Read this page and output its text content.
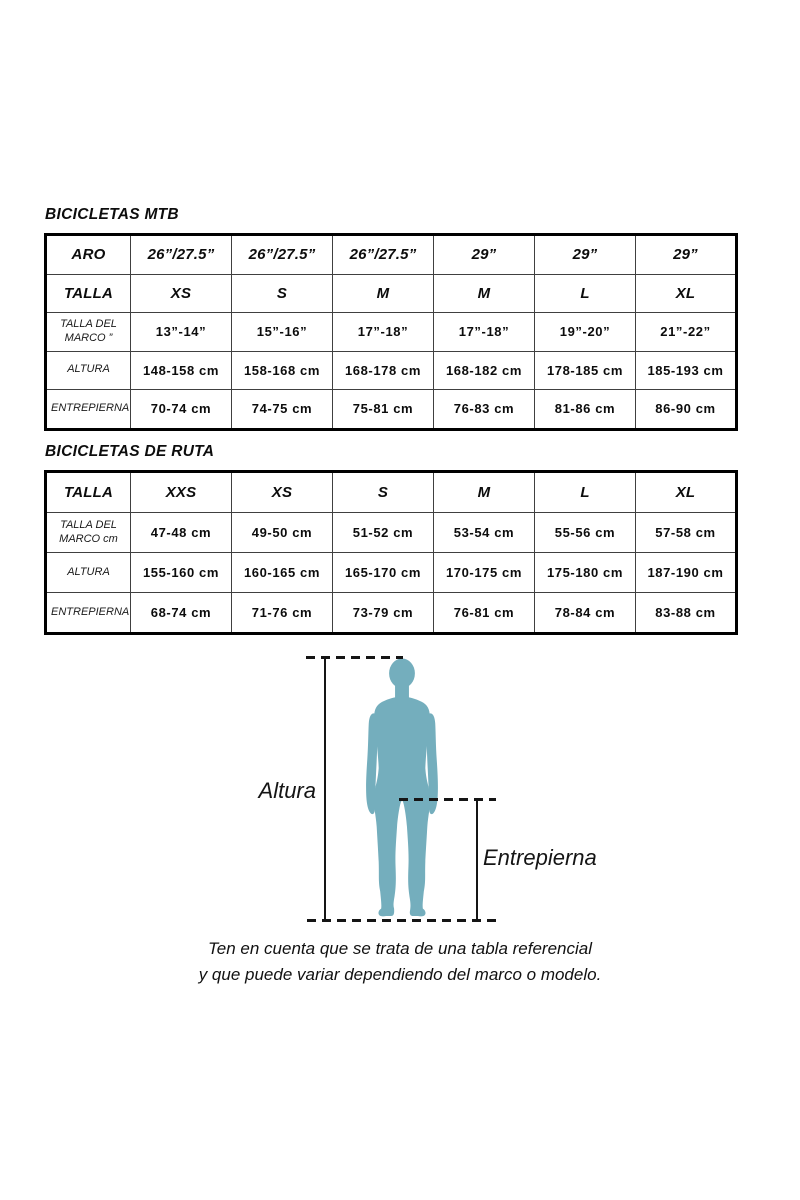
BICICLETAS MTB
ARO	26”/27.5”	26”/27.5”	26”/27.5”	29”	29”	29”
TALLA	XS	S	M	M	L	XL
TALLA DEL MARCO ”	13”-14”	15”-16”	17”-18”	17”-18”	19”-20”	21”-22”
ALTURA	148-158 cm	158-168 cm	168-178 cm	168-182 cm	178-185 cm	185-193 cm
ENTREPIERNA	70-74 cm	74-75 cm	75-81 cm	76-83 cm	81-86 cm	86-90 cm
BICICLETAS DE RUTA
TALLA	XXS	XS	S	M	L	XL
TALLA DEL MARCO cm	47-48 cm	49-50 cm	51-52 cm	53-54 cm	55-56 cm	57-58 cm
ALTURA	155-160 cm	160-165 cm	165-170 cm	170-175 cm	175-180 cm	187-190 cm
ENTREPIERNA	68-74 cm	71-76 cm	73-79 cm	76-81 cm	78-84 cm	83-88 cm
Altura
Entrepierna
Ten en cuenta que se trata de una tabla referencial
y que puede variar dependiendo del marco o modelo.
